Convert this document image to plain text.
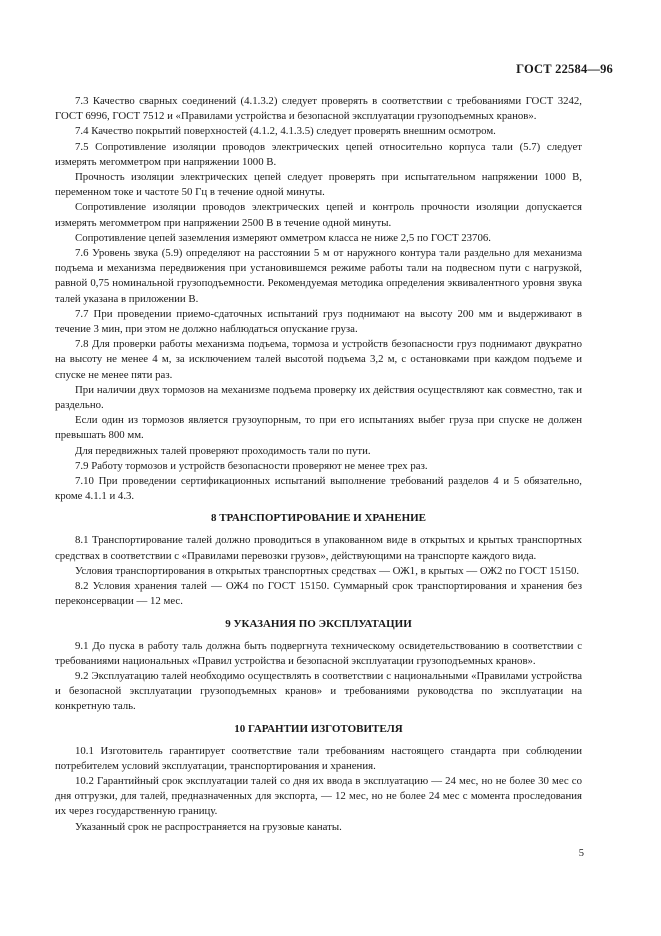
ГОСТ 22584—96

7.3 Качество сварных соединений (4.1.3.2) следует проверять в соответствии с требованиями ГОСТ 3242, ГОСТ 6996, ГОСТ 7512 и «Правилами устройства и безопасной эксплуатации грузоподъемных кранов».

7.4 Качество покрытий поверхностей (4.1.2, 4.1.3.5) следует проверять внешним осмотром.

7.5 Сопротивление изоляции проводов электрических цепей относительно корпуса тали (5.7) следует измерять мегомметром при напряжении 1000 В.

Прочность изоляции электрических цепей следует проверять при испытательном напряжении 1000 В, переменном токе и частоте 50 Гц в течение одной минуты.

Сопротивление изоляции проводов электрических цепей и контроль прочности изоляции допускается измерять мегомметром при напряжении 2500 В в течение одной минуты.

Сопротивление цепей заземления измеряют омметром класса не ниже 2,5 по ГОСТ 23706.

7.6 Уровень звука (5.9) определяют на расстоянии 5 м от наружного контура тали раздельно для механизма подъема и механизма передвижения при установившемся режиме работы тали на подвесном пути с нагрузкой, равной 0,75 номинальной грузоподъемности. Рекомендуемая методика определения эквивалентного уровня звука талей указана в приложении В.

7.7 При проведении приемо-сдаточных испытаний груз поднимают на высоту 200 мм и выдерживают в течение 3 мин, при этом не должно наблюдаться опускание груза.

7.8 Для проверки работы механизма подъема, тормоза и устройств безопасности груз поднимают двукратно на высоту не менее 4 м, за исключением талей высотой подъема 3,2 м, с остановками при каждом подъеме и спуске не менее пяти раз.

При наличии двух тормозов на механизме подъема проверку их действия осуществляют как совместно, так и раздельно.

Если один из тормозов является грузоупорным, то при его испытаниях выбег груза при спуске не должен превышать 800 мм.

Для передвижных талей проверяют проходимость тали по пути.

7.9 Работу тормозов и устройств безопасности проверяют не менее трех раз.

7.10 При проведении сертификационных испытаний выполнение требований разделов 4 и 5 обязательно, кроме 4.1.1 и 4.3.

8 ТРАНСПОРТИРОВАНИЕ И ХРАНЕНИЕ

8.1 Транспортирование талей должно проводиться в упакованном виде в открытых и крытых транспортных средствах в соответствии с «Правилами перевозки грузов», действующими на транспорте каждого вида.

Условия транспортирования в открытых транспортных средствах — ОЖ1, в крытых — ОЖ2 по ГОСТ 15150.

8.2 Условия хранения талей — ОЖ4 по ГОСТ 15150. Суммарный срок транспортирования и хранения без переконсервации — 12 мес.

9 УКАЗАНИЯ ПО ЭКСПЛУАТАЦИИ

9.1 До пуска в работу таль должна быть подвергнута техническому освидетельствованию в соответствии с требованиями национальных «Правил устройства и безопасной эксплуатации грузоподъемных кранов».

9.2 Эксплуатацию талей необходимо осуществлять в соответствии с национальными «Правилами устройства и безопасной эксплуатации грузоподъемных кранов» и требованиями руководства по эксплуатации на конкретную таль.

10 ГАРАНТИИ ИЗГОТОВИТЕЛЯ

10.1 Изготовитель гарантирует соответствие тали требованиям настоящего стандарта при соблюдении потребителем условий эксплуатации, транспортирования и хранения.

10.2 Гарантийный срок эксплуатации талей со дня их ввода в эксплуатацию — 24 мес, но не более 30 мес со дня отгрузки, для талей, предназначенных для экспорта, — 12 мес, но не более 24 мес с момента проследования их через государственную границу.

Указанный срок не распространяется на грузовые канаты.

5
